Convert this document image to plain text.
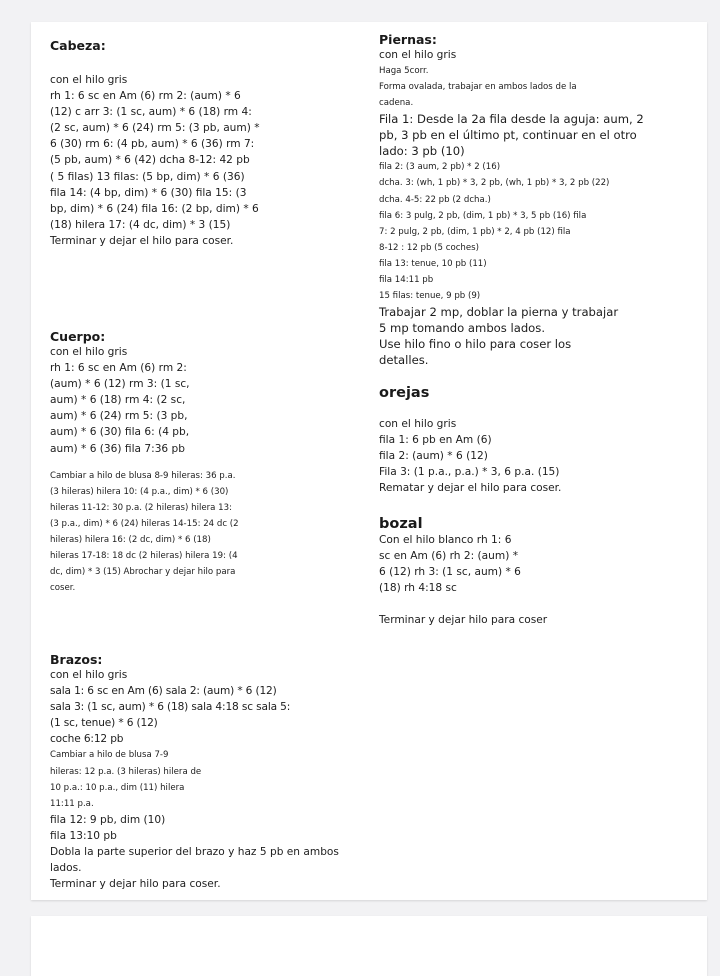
Cabeza:

con el hilo gris
rh 1: 6 sc en Am (6) rm 2: (aum) * 6
(12) c arr 3: (1 sc, aum) * 6 (18) rm 4:
(2 sc, aum) * 6 (24) rm 5: (3 pb, aum) *
6 (30) rm 6: (4 pb, aum) * 6 (36) rm 7:
(5 pb, aum) * 6 (42) dcha 8-12: 42 pb
( 5 filas) 13 filas: (5 bp, dim) * 6 (36)
fila 14: (4 bp, dim) * 6 (30) fila 15: (3
bp, dim) * 6 (24) fila 16: (2 bp, dim) * 6
(18) hilera 17: (4 dc, dim) * 3 (15)
Terminar y dejar el hilo para coser.

Cuerpo:

con el hilo gris
rh 1: 6 sc en Am (6) rm 2:
(aum) * 6 (12) rm 3: (1 sc,
aum) * 6 (18) rm 4: (2 sc,
aum) * 6 (24) rm 5: (3 pb,
aum) * 6 (30) fila 6: (4 pb,
aum) * 6 (36) fila 7:36 pb

Cambiar a hilo de blusa 8-9 hileras: 36 p.a.
(3 hileras) hilera 10: (4 p.a., dim) * 6 (30)
hileras 11-12: 30 p.a. (2 hileras) hilera 13:
(3 p.a., dim) * 6 (24) hileras 14-15: 24 dc (2
hileras) hilera 16: (2 dc, dim) * 6 (18)
hileras 17-18: 18 dc (2 hileras) hilera 19: (4
dc, dim) * 3 (15) Abrochar y dejar hilo para
coser.

Brazos:

con el hilo gris

sala 1: 6 sc en Am (6) sala 2: (aum) * 6 (12)
sala 3: (1 sc, aum) * 6 (18) sala 4:18 sc sala 5:
(1 sc, tenue) * 6 (12)
coche 6:12 pb

Cambiar a hilo de blusa 7-9
hileras: 12 p.a. (3 hileras) hilera de
10 p.a.: 10 p.a., dim (11) hilera
11:11 p.a.

fila 12: 9 pb, dim (10)
fila 13:10 pb
Dobla la parte superior del brazo y haz 5 pb en ambos
lados.
Terminar y dejar hilo para coser.

Piernas:

con el hilo gris

Haga 5corr.
Forma ovalada, trabajar en ambos lados de la
cadena.

Fila 1: Desde la 2a fila desde la aguja: aum, 2
pb, 3 pb en el último pt, continuar en el otro
lado: 3 pb (10)

fila 2: (3 aum, 2 pb) * 2 (16)
dcha. 3: (wh, 1 pb) * 3, 2 pb, (wh, 1 pb) * 3, 2 pb (22)
dcha. 4-5: 22 pb (2 dcha.)
fila 6: 3 pulg, 2 pb, (dim, 1 pb) * 3, 5 pb (16) fila
7: 2 pulg, 2 pb, (dim, 1 pb) * 2, 4 pb (12) fila
8-12 : 12 pb (5 coches)
fila 13: tenue, 10 pb (11)
fila 14:11 pb

15 filas: tenue, 9 pb (9)

Trabajar 2 mp, doblar la pierna y trabajar
5 mp tomando ambos lados.
Use hilo fino o hilo para coser los
detalles.

orejas

con el hilo gris
fila 1: 6 pb en Am (6)
fila 2: (aum) * 6 (12)
Fila 3: (1 p.a., p.a.) * 3, 6 p.a. (15)
Rematar y dejar el hilo para coser.

bozal

Con el hilo blanco rh 1: 6
sc en Am (6) rh 2: (aum) *
6 (12) rh 3: (1 sc, aum) * 6
(18) rh 4:18 sc

Terminar y dejar hilo para coser
